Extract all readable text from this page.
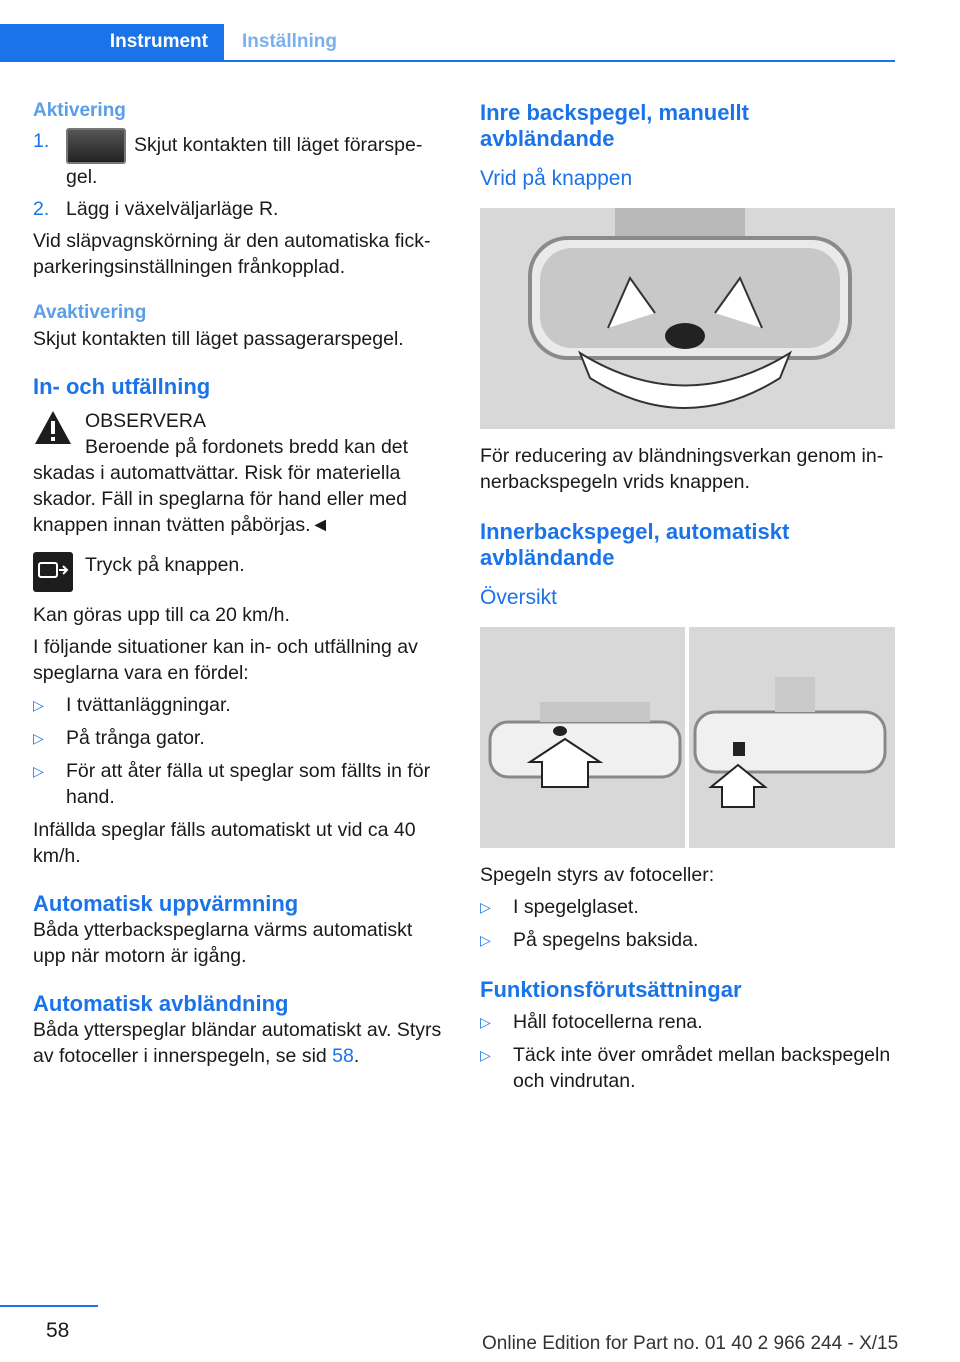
Instrument	Inställning
Aktivering
1.	Skjut kontakten till läget förarspegel.
2. Lägg i växelväljarläge R.

Vid släpvagnskörning är den automatiska fickparkeringsinställningen frånkopplad.

Avaktivering

Skjut kontakten till läget passagerarspegel.

In- och utfällning

OBSERVERA

Beroende på fordonets bredd kan det skadas i automattvättar. Risk för materiella skador. Fäll in speglarna för hand eller med knappen innan tvätten påbörjas.◄

Tryck på knappen.

Kan göras upp till ca 20 km/h.

I följande situationer kan in- och utfällning av speglarna vara en fördel:

▷	I tvättanläggningar.
▷	På trånga gator.
▷	För att åter fälla ut speglar som fällts in för hand.

Infällda speglar fälls automatiskt ut vid ca 40 km/h.

Automatisk uppvärmning

Båda ytterbackspeglarna värms automatiskt upp när motorn är igång.

Automatisk avbländning

Båda ytterspeglar bländar automatiskt av. Styrs av fotoceller i innerspegeln, se sid 58.

Inre backspegel, manuellt avbländande
Vrid på knappen

För reducering av bländningsverkan genom innerbackspegeln vrids knappen.

Innerbackspegel, automatiskt avbländande
Översikt

Spegeln styrs av fotoceller:

▷	I spegelglaset.
▷	På spegelns baksida.
Funktionsförutsättningar
▷	Håll fotocellerna rena.
▷	Täck inte över området mellan backspegeln och vindrutan.
58
Online Edition for Part no. 01 40 2 966 244 - X/15
